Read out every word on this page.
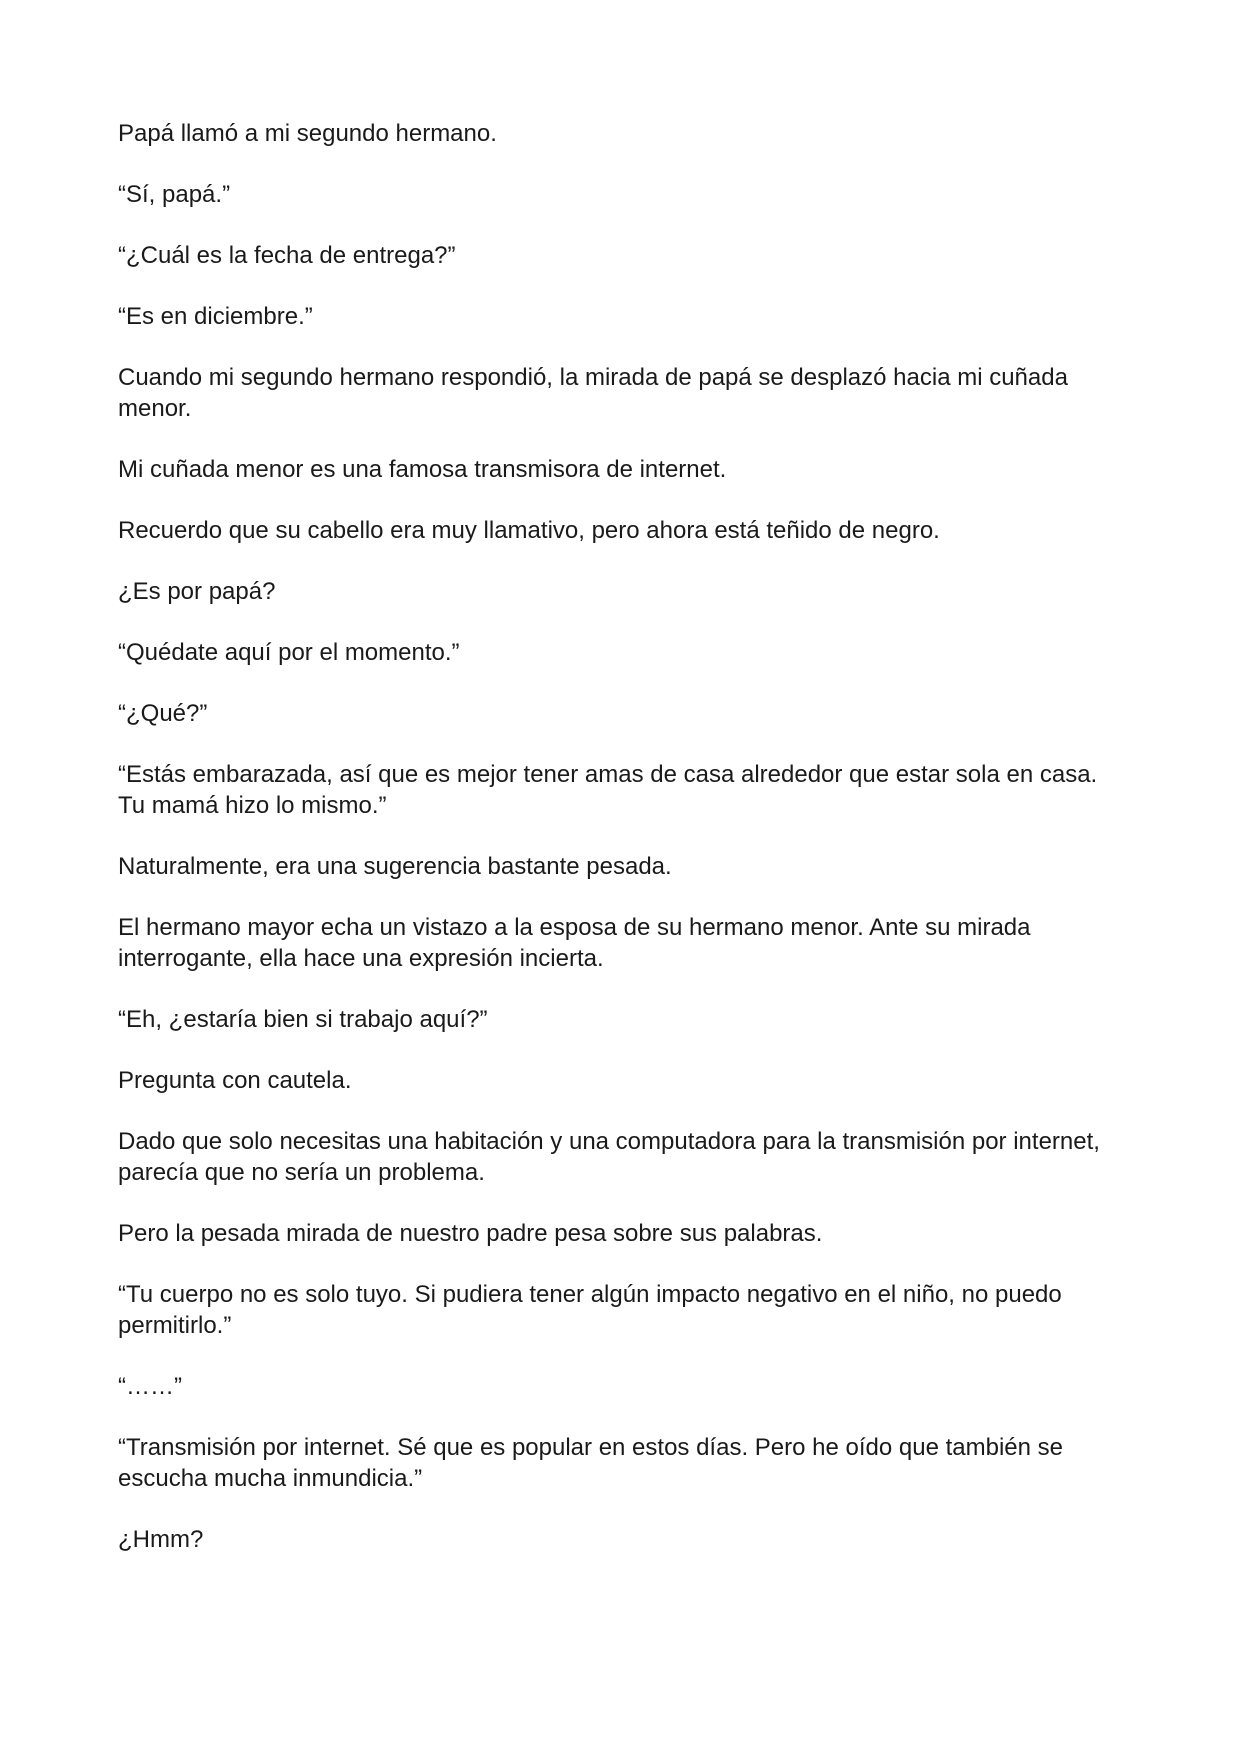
Papá llamó a mi segundo hermano.

“Sí, papá.”

“¿Cuál es la fecha de entrega?”

“Es en diciembre.”

Cuando mi segundo hermano respondió, la mirada de papá se desplazó hacia mi cuñada menor.

Mi cuñada menor es una famosa transmisora de internet.

Recuerdo que su cabello era muy llamativo, pero ahora está teñido de negro.

¿Es por papá?

“Quédate aquí por el momento.”

“¿Qué?”

“Estás embarazada, así que es mejor tener amas de casa alrededor que estar sola en casa. Tu mamá hizo lo mismo.”

Naturalmente, era una sugerencia bastante pesada.

El hermano mayor echa un vistazo a la esposa de su hermano menor. Ante su mirada interrogante, ella hace una expresión incierta.

“Eh, ¿estaría bien si trabajo aquí?”

Pregunta con cautela.

Dado que solo necesitas una habitación y una computadora para la transmisión por internet, parecía que no sería un problema.

Pero la pesada mirada de nuestro padre pesa sobre sus palabras.

“Tu cuerpo no es solo tuyo. Si pudiera tener algún impacto negativo en el niño, no puedo permitirlo.”

“……”

“Transmisión por internet. Sé que es popular en estos días. Pero he oído que también se escucha mucha inmundicia.”

¿Hmm?
